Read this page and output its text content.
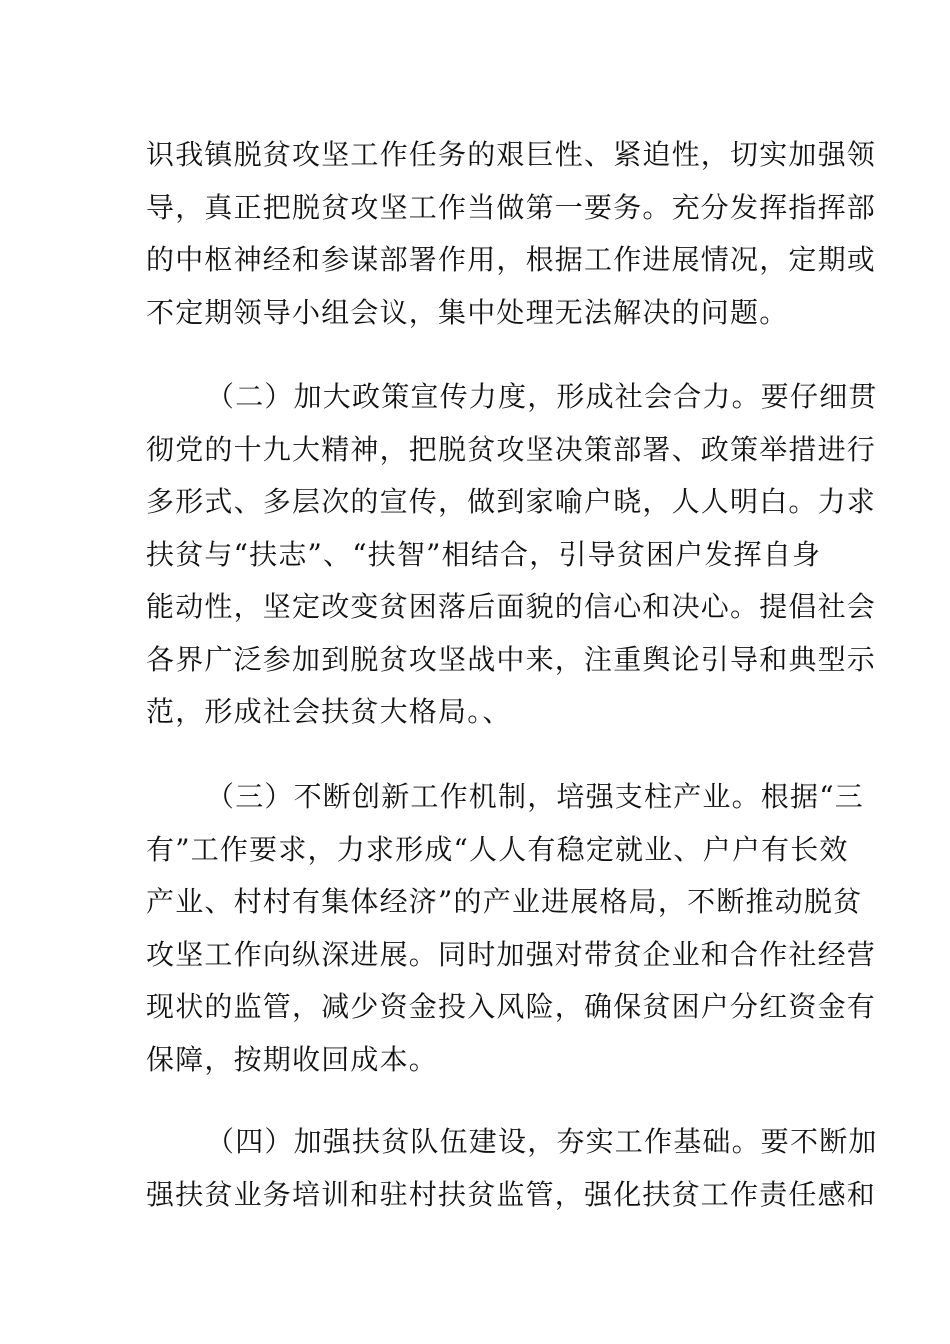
识我镇脱贫攻坚工作任务的艰巨性、紧迫性，切实加强领
导，真正把脱贫攻坚工作当做第一要务。充分发挥指挥部
的中枢神经和参谋部署作用，根据工作进展情况，定期或
不定期领导小组会议，集中处理无法解决的问题。
（二）加大政策宣传力度，形成社会合力。要仔细贯
彻党的十九大精神，把脱贫攻坚决策部署、政策举措进行
多形式、多层次的宣传，做到家喻户晓，人人明白。力求
扶贫与“扶志”、“扶智”相结合，引导贫困户发挥自身
能动性，坚定改变贫困落后面貌的信心和决心。提倡社会
各界广泛参加到脱贫攻坚战中来，注重舆论引导和典型示
范，形成社会扶贫大格局。、
（三）不断创新工作机制，培强支柱产业。根据“三
有”工作要求，力求形成“人人有稳定就业、户户有长效
产业、村村有集体经济”的产业进展格局，不断推动脱贫
攻坚工作向纵深进展。同时加强对带贫企业和合作社经营
现状的监管，减少资金投入风险，确保贫困户分红资金有
保障，按期收回成本。
（四）加强扶贫队伍建设，夯实工作基础。要不断加
强扶贫业务培训和驻村扶贫监管，强化扶贫工作责任感和
